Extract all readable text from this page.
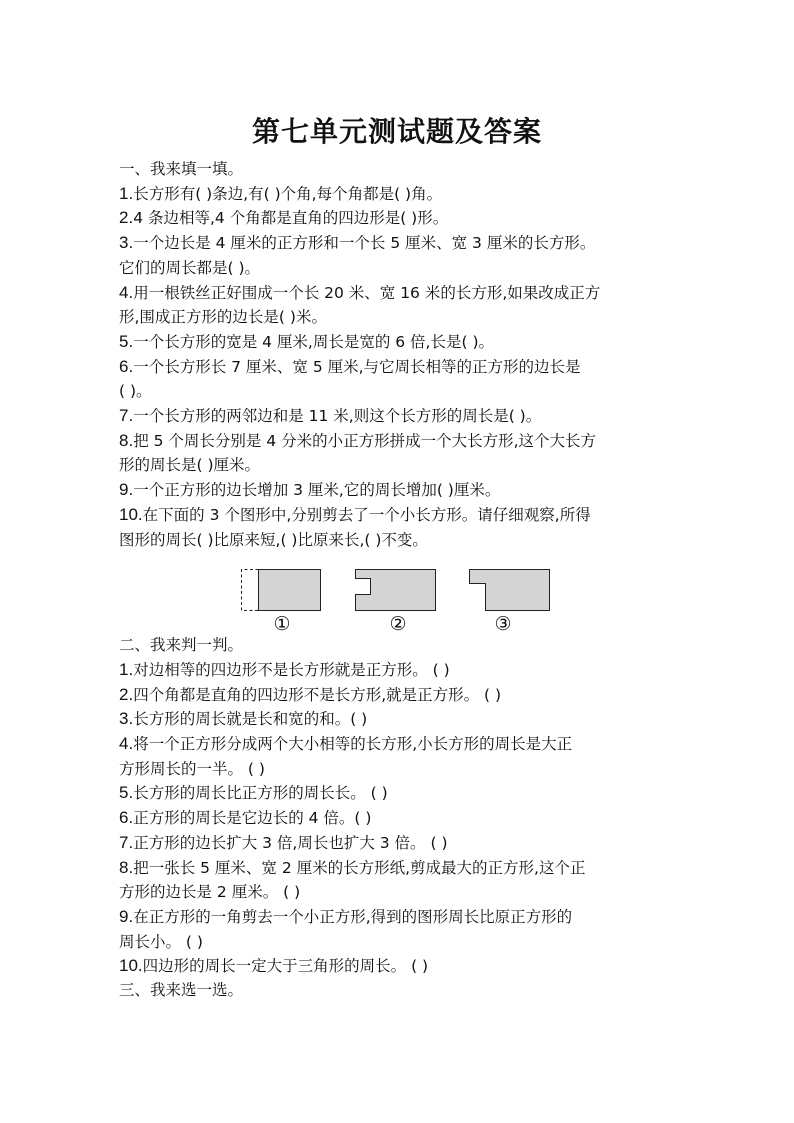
第七单元测试题及答案
一、我来填一填。
1.长方形有( )条边,有( )个角,每个角都是( )角。
2.4 条边相等,4 个角都是直角的四边形是( )形。
3.一个边长是 4 厘米的正方形和一个长 5 厘米、宽 3 厘米的长方形。
它们的周长都是( )。
4.用一根铁丝正好围成一个长 20 米、宽 16 米的长方形,如果改成正方
形,围成正方形的边长是( )米。
5.一个长方形的宽是 4 厘米,周长是宽的 6 倍,长是( )。
6.一个长方形长 7 厘米、宽 5 厘米,与它周长相等的正方形的边长是
( )。
7.一个长方形的两邻边和是 11 米,则这个长方形的周长是( )。
8.把 5 个周长分别是 4 分米的小正方形拼成一个大长方形,这个大长方
形的周长是( )厘米。
9.一个正方形的边长增加 3 厘米,它的周长增加( )厘米。
10.在下面的 3 个图形中,分别剪去了一个小长方形。请仔细观察,所得
图形的周长( )比原来短,( )比原来长,( )不变。
①	②	③
二、我来判一判。
1.对边相等的四边形不是长方形就是正方形。 ( )
2.四个角都是直角的四边形不是长方形,就是正方形。 ( )
3.长方形的周长就是长和宽的和。( )
4.将一个正方形分成两个大小相等的长方形,小长方形的周长是大正
方形周长的一半。 ( )
5.长方形的周长比正方形的周长长。 ( )
6.正方形的周长是它边长的 4 倍。( )
7.正方形的边长扩大 3 倍,周长也扩大 3 倍。 ( )
8.把一张长 5 厘米、宽 2 厘米的长方形纸,剪成最大的正方形,这个正
方形的边长是 2 厘米。 ( )
9.在正方形的一角剪去一个小正方形,得到的图形周长比原正方形的
周长小。 ( )
10.四边形的周长一定大于三角形的周长。 ( )
三、我来选一选。
